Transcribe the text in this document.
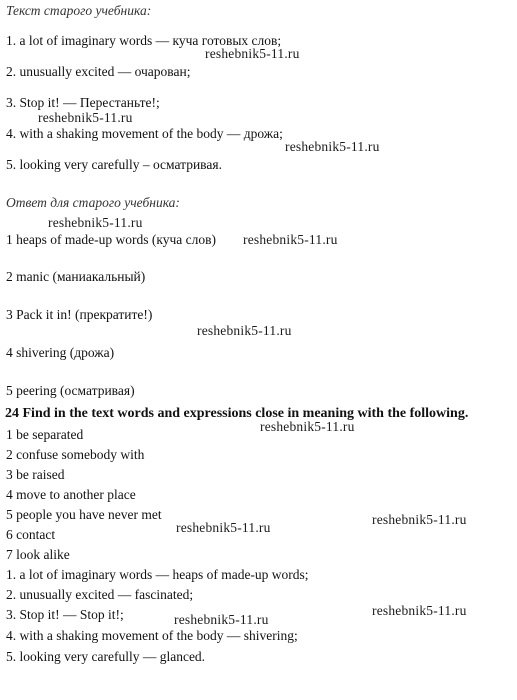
Текст старого учебника:
1. a lot of imaginary words — куча готовых слов;
2. unusually excited — очарован;
3. Stop it! — Перестаньте!;
4. with a shaking movement of the body — дрожа;
5. looking very carefully – осматривая.
Ответ для старого учебника:
1 heaps of made-up words (куча слов)
2 manic (маниакальный)
3 Pack it in! (прекратите!)
4 shivering (дрожа)
5 peering (осматривая)
24 Find in the text words and expressions close in meaning with the following.
1 be separated
2 confuse somebody with
3 be raised
4 move to another place
5 people you have never met
6 contact
7 look alike
1. a lot of imaginary words — heaps of made-up words;
2. unusually excited — fascinated;
3. Stop it! — Stop it!;
4. with a shaking movement of the body — shivering;
5. looking very carefully — glanced.
reshebnik5-11.ru
reshebnik5-11.ru
reshebnik5-11.ru
reshebnik5-11.ru
reshebnik5-11.ru
reshebnik5-11.ru
reshebnik5-11.ru
reshebnik5-11.ru
reshebnik5-11.ru
reshebnik5-11.ru
reshebnik5-11.ru
